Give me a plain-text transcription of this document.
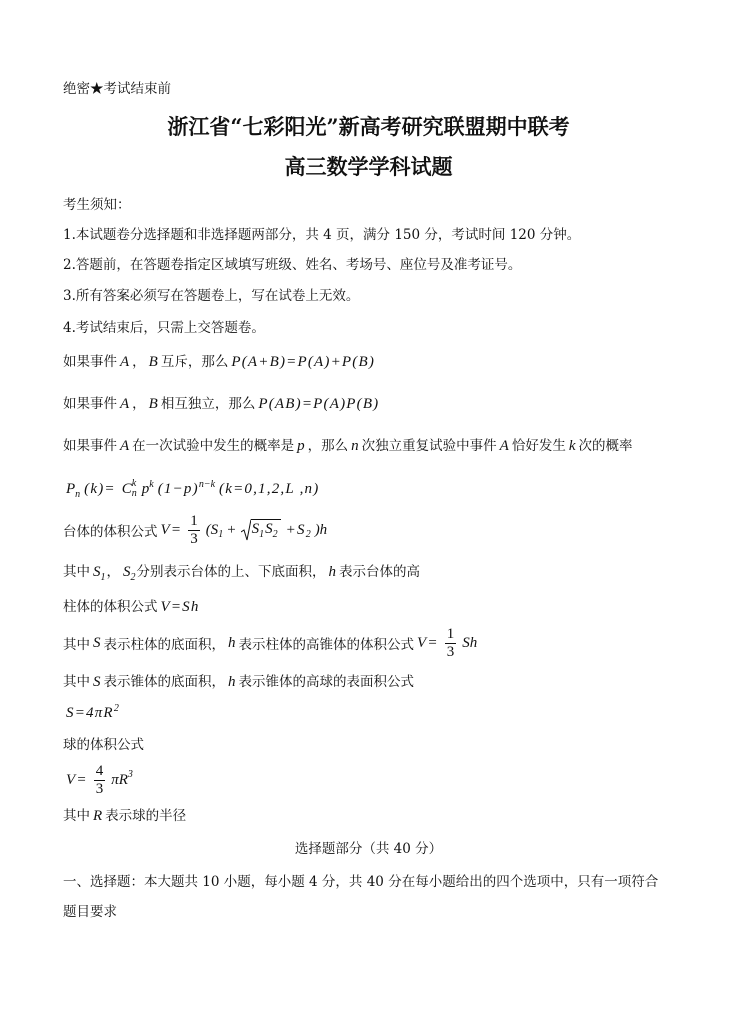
绝密★考试结束前
浙江省“七彩阳光”新高考研究联盟期中联考
高三数学学科试题
考生须知：
1.本试题卷分选择题和非选择题两部分，共 4 页，满分 150 分，考试时间 120 分钟。
2.答题前，在答题卷指定区域填写班级、姓名、考场号、座位号及准考证号。
3.所有答案必须写在答题卷上，写在试卷上无效。
4.考试结束后，只需上交答题卷。
如果事件 A ， B 互斥，那么 P(A+B)=P(A)+P(B)
如果事件 A ， B 相互独立，那么 P(AB)=P(A)P(B)
如果事件 A 在一次试验中发生的概率是 p ，那么 n 次独立重复试验中事件 A 恰好发生 k 次的概率
P n (k)= C k
n p k (1−p) n−k (k=0,1,2,L ,n)
台体的体积公式 $V= \frac{1}{3} (S$ 1 + S 1 S 2 +S 2 )h
其中 S 1 ， S 2 分别表示台体的上、下底面积， h 表示台体的高
柱体的体积公式 V=Sh
其中 S 表示柱体的底面积， h 表示柱体的高锥体的体积公式 $V= \frac{1}{3}$ Sh
其中 S 表示锥体的底面积， h 表示锥体的高球的表面积公式
S=4πR 2
球的体积公式
$V= \frac{4}{3}$ πR 3
其中 R 表示球的半径
选择题部分（共 40 分）
一、选择题：本大题共 10 小题，每小题 4 分，共 40 分在每小题给出的四个选项中，只有一项符合
题目要求
